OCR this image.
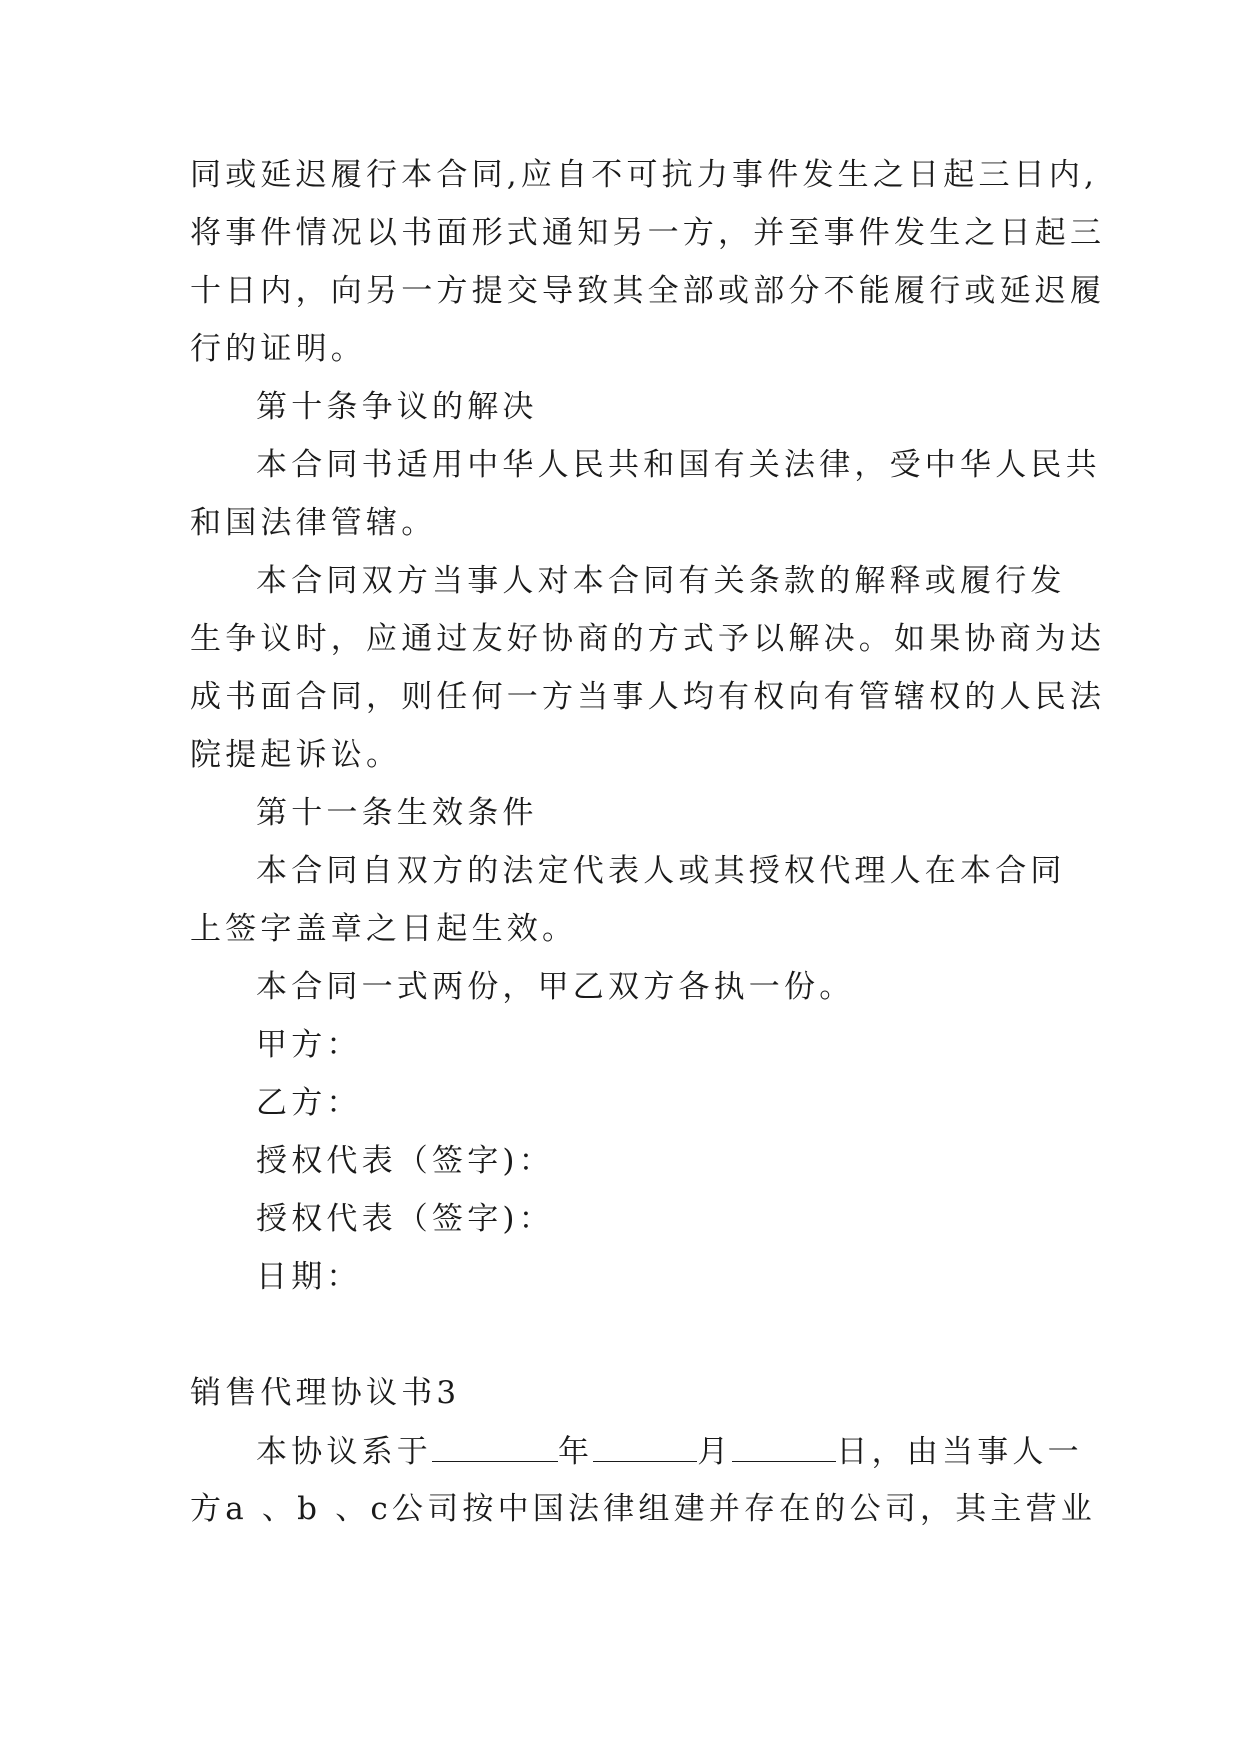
同或延迟履行本合同,应自不可抗力事件发生之日起三日内,
将事件情况以书面形式通知另一方，并至事件发生之日起三
十日内，向另一方提交导致其全部或部分不能履行或延迟履
行的证明。
第十条争议的解决
本合同书适用中华人民共和国有关法律，受中华人民共
和国法律管辖。
本合同双方当事人对本合同有关条款的解释或履行发
生争议时，应通过友好协商的方式予以解决。如果协商为达
成书面合同，则任何一方当事人均有权向有管辖权的人民法
院提起诉讼。
第十一条生效条件
本合同自双方的法定代表人或其授权代理人在本合同
上签字盖章之日起生效。
本合同一式两份，甲乙双方各执一份。
甲方：
乙方：
授权代表（签字)：
授权代表（签字)：
日期：
销售代理协议书3
本协议系于	年	月	日，由当事人一
方a 、b 、c公司按中国法律组建并存在的公司，其主营业
